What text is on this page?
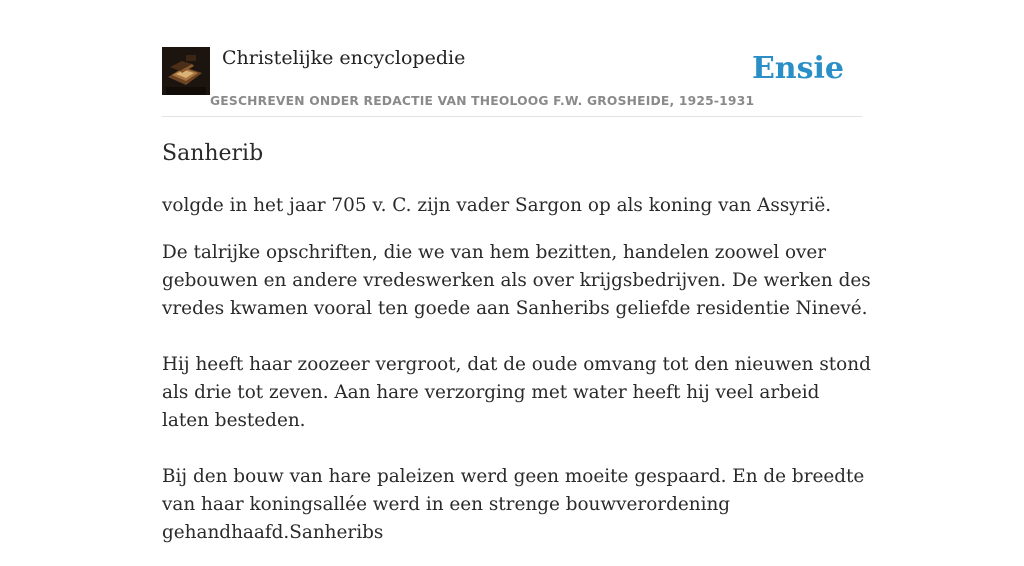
Christelijke encyclopedie
GESCHREVEN ONDER REDACTIE VAN THEOLOOG F.W. GROSHEIDE, 1925-1931
Ensie
Sanherib

volgde in het jaar 705 v. C. zijn vader Sargon op als koning van Assyrië.

De talrijke opschriften, die we van hem bezitten, handelen zoowel over gebouwen en andere vredeswerken als over krijgsbedrijven. De werken des vredes kwamen vooral ten goede aan Sanheribs geliefde residentie Ninevé.

Hij heeft haar zoozeer vergroot, dat de oude omvang tot den nieuwen stond als drie tot zeven. Aan hare verzorging met water heeft hij veel arbeid laten besteden.

Bij den bouw van hare paleizen werd geen moeite gespaard. En de breedte van haar koningsallée werd in een strenge bouwverordening gehandhaafd.Sanheribs
